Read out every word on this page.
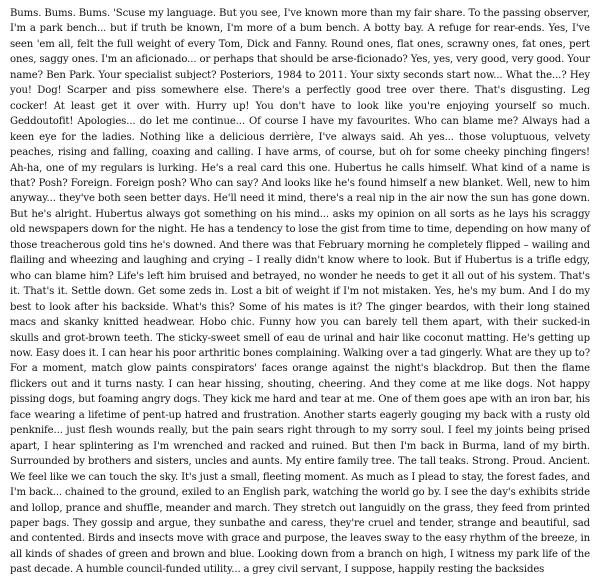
Bums. Bums. Bums. 'Scuse my language. But you see, I've known more than my fair share. To the passing observer, I'm a park bench... but if truth be known, I'm more of a bum bench. A botty bay. A refuge for rear-ends. Yes, I've seen 'em all, felt the full weight of every Tom, Dick and Fanny. Round ones, flat ones, scrawny ones, fat ones, pert ones, saggy ones. I'm an aficionado... or perhaps that should be arse-ficionado? Yes, yes, very good, very good. Your name? Ben Park. Your specialist subject? Posteriors, 1984 to 2011. Your sixty seconds start now... What the...? Hey you! Dog! Scarper and piss somewhere else. There's a perfectly good tree over there. That's disgusting. Leg cocker! At least get it over with. Hurry up! You don't have to look like you're enjoying yourself so much. Geddoutofit! Apologies... do let me continue... Of course I have my favourites. Who can blame me? Always had a keen eye for the ladies. Nothing like a delicious derrière, I've always said. Ah yes... those voluptuous, velvety peaches, rising and falling, coaxing and calling. I have arms, of course, but oh for some cheeky pinching fingers! Ah-ha, one of my regulars is lurking. He's a real card this one. Hubertus he calls himself. What kind of a name is that? Posh? Foreign. Foreign posh? Who can say? And looks like he's found himself a new blanket. Well, new to him anyway... they've both seen better days. He'll need it mind, there's a real nip in the air now the sun has gone down. But he's alright. Hubertus always got something on his mind... asks my opinion on all sorts as he lays his scraggy old newspapers down for the night. He has a tendency to lose the gist from time to time, depending on how many of those treacherous gold tins he's downed. And there was that February morning he completely flipped – wailing and flailing and wheezing and laughing and crying – I really didn't know where to look. But if Hubertus is a trifle edgy, who can blame him? Life's left him bruised and betrayed, no wonder he needs to get it all out of his system. That's it. That's it. Settle down. Get some zeds in. Lost a bit of weight if I'm not mistaken. Yes, he's my bum. And I do my best to look after his backside. What's this? Some of his mates is it? The ginger beardos, with their long stained macs and skanky knitted headwear. Hobo chic. Funny how you can barely tell them apart, with their sucked-in skulls and grot-brown teeth. The sticky-sweet smell of eau de urinal and hair like coconut matting. He's getting up now. Easy does it. I can hear his poor arthritic bones complaining. Walking over a tad gingerly. What are they up to? For a moment, match glow paints conspirators' faces orange against the night's blackdrop. But then the flame flickers out and it turns nasty. I can hear hissing, shouting, cheering. And they come at me like dogs. Not happy pissing dogs, but foaming angry dogs. They kick me hard and tear at me. One of them goes ape with an iron bar, his face wearing a lifetime of pent-up hatred and frustration. Another starts eagerly gouging my back with a rusty old penknife... just flesh wounds really, but the pain sears right through to my sorry soul. I feel my joints being prised apart, I hear splintering as I'm wrenched and racked and ruined. But then I'm back in Burma, land of my birth. Surrounded by brothers and sisters, uncles and aunts. My entire family tree. The tall teaks. Strong. Proud. Ancient. We feel like we can touch the sky. It's just a small, fleeting moment. As much as I plead to stay, the forest fades, and I'm back... chained to the ground, exiled to an English park, watching the world go by. I see the day's exhibits stride and lollop, prance and shuffle, meander and march. They stretch out languidly on the grass, they feed from printed paper bags. They gossip and argue, they sunbathe and caress, they're cruel and tender, strange and beautiful, sad and contented. Birds and insects move with grace and purpose, the leaves sway to the easy rhythm of the breeze, in all kinds of shades of green and brown and blue. Looking down from a branch on high, I witness my park life of the past decade. A humble council-funded utility... a grey civil servant, I suppose, happily resting the backsides
